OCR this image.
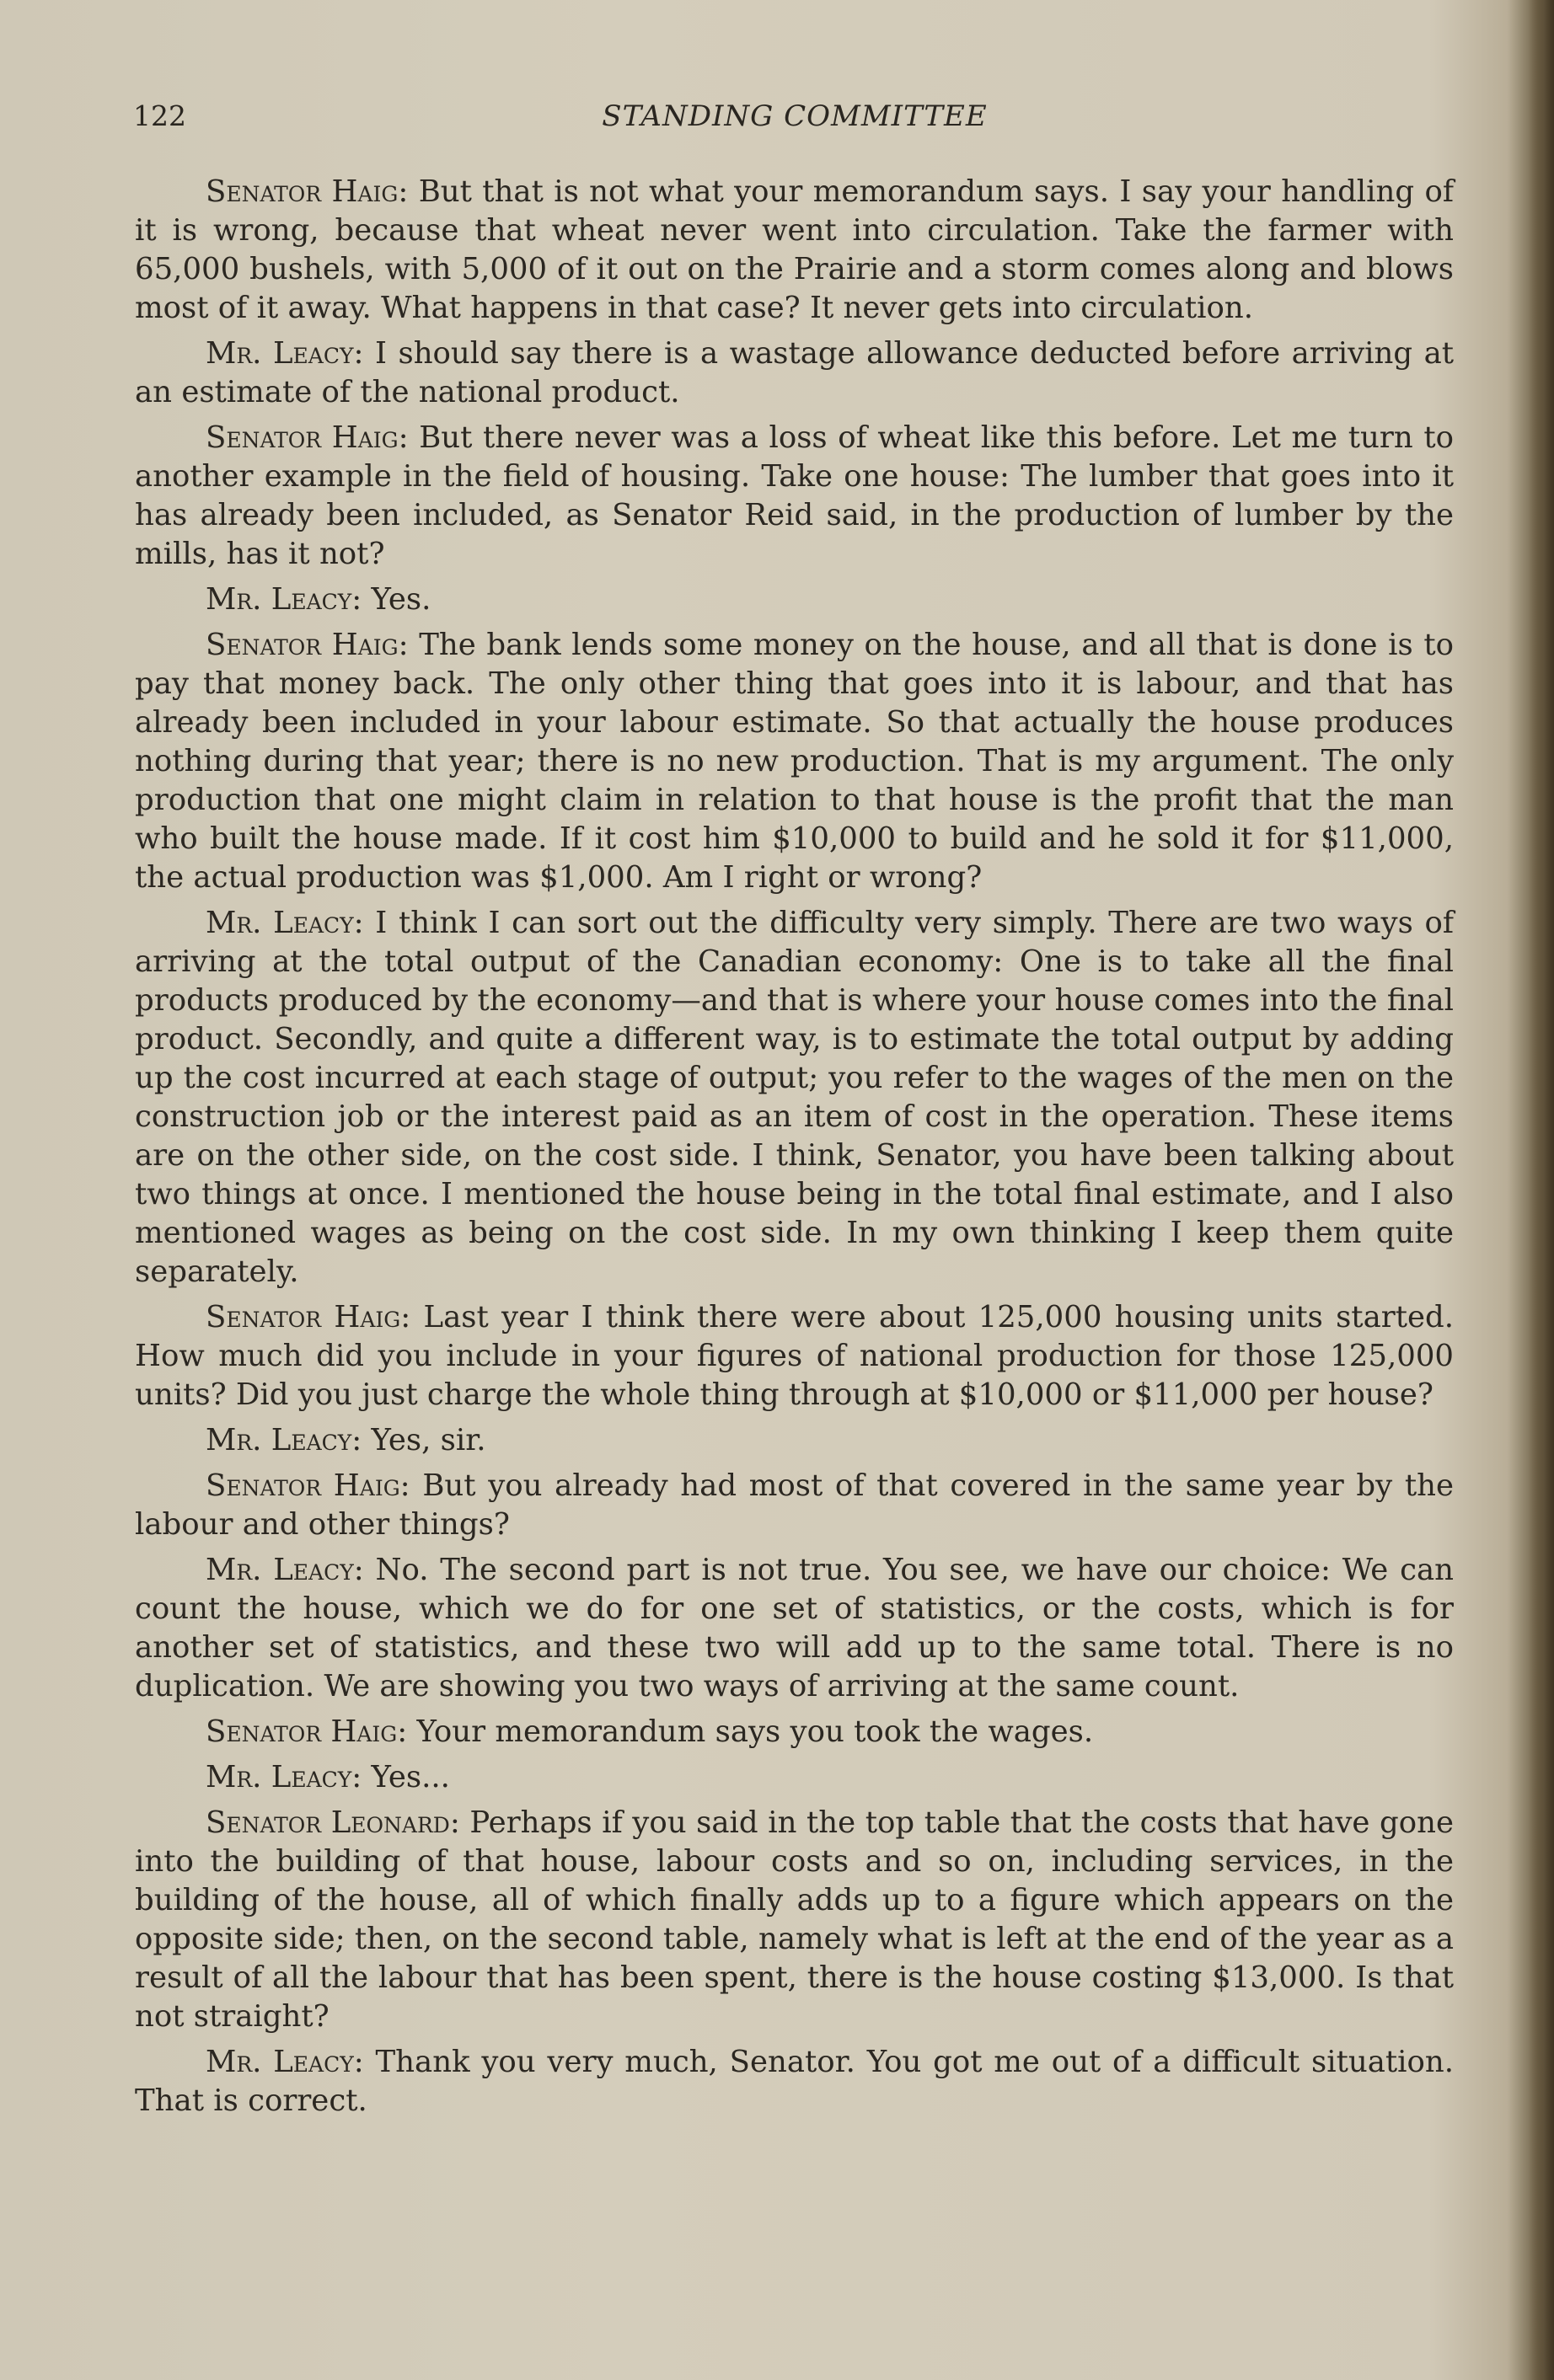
122	STANDING COMMITTEE

Senator Haig: But that is not what your memorandum says. I say your handling of it is wrong, because that wheat never went into circulation. Take the farmer with 65,000 bushels, with 5,000 of it out on the Prairie and a storm comes along and blows most of it away. What happens in that case? It never gets into circulation.

Mr. Leacy: I should say there is a wastage allowance deducted before arriving at an estimate of the national product.

Senator Haig: But there never was a loss of wheat like this before. Let me turn to another example in the field of housing. Take one house: The lumber that goes into it has already been included, as Senator Reid said, in the production of lumber by the mills, has it not?

Mr. Leacy: Yes.

Senator Haig: The bank lends some money on the house, and all that is done is to pay that money back. The only other thing that goes into it is labour, and that has already been included in your labour estimate. So that actually the house produces nothing during that year; there is no new production. That is my argument. The only production that one might claim in relation to that house is the profit that the man who built the house made. If it cost him $10,000 to build and he sold it for $11,000, the actual production was $1,000. Am I right or wrong?

Mr. Leacy: I think I can sort out the difficulty very simply. There are two ways of arriving at the total output of the Canadian economy: One is to take all the final products produced by the economy—and that is where your house comes into the final product. Secondly, and quite a different way, is to estimate the total output by adding up the cost incurred at each stage of output; you refer to the wages of the men on the construction job or the interest paid as an item of cost in the operation. These items are on the other side, on the cost side. I think, Senator, you have been talking about two things at once. I mentioned the house being in the total final estimate, and I also mentioned wages as being on the cost side. In my own thinking I keep them quite separately.

Senator Haig: Last year I think there were about 125,000 housing units started. How much did you include in your figures of national production for those 125,000 units? Did you just charge the whole thing through at $10,000 or $11,000 per house?

Mr. Leacy: Yes, sir.

Senator Haig: But you already had most of that covered in the same year by the labour and other things?

Mr. Leacy: No. The second part is not true. You see, we have our choice: We can count the house, which we do for one set of statistics, or the costs, which is for another set of statistics, and these two will add up to the same total. There is no duplication. We are showing you two ways of arriving at the same count.

Senator Haig: Your memorandum says you took the wages.

Mr. Leacy: Yes...

Senator Leonard: Perhaps if you said in the top table that the costs that have gone into the building of that house, labour costs and so on, including services, in the building of the house, all of which finally adds up to a figure which appears on the opposite side; then, on the second table, namely what is left at the end of the year as a result of all the labour that has been spent, there is the house costing $13,000. Is that not straight?

Mr. Leacy: Thank you very much, Senator. You got me out of a difficult situation. That is correct.
